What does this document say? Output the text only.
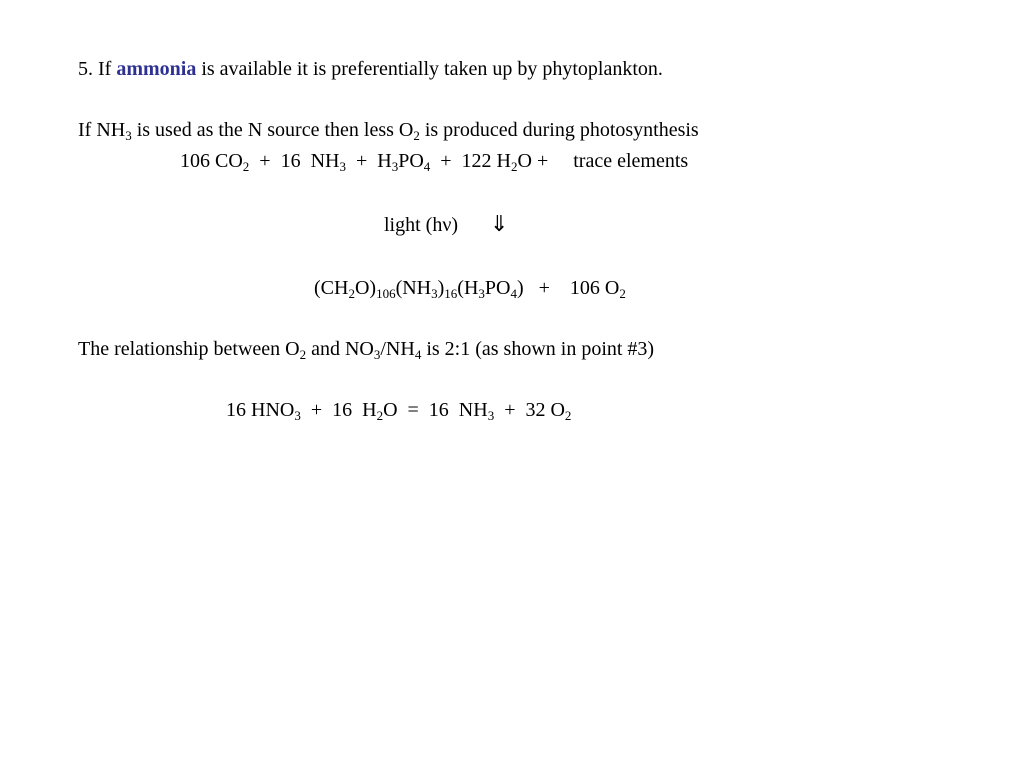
5. If ammonia is available it is preferentially taken up by phytoplankton.
If $NH_3$ is used as the N source then less $O_2$ is produced during photosynthesis
106 $CO_2 + 16$  $NH_3 + H_3PO_4 + 122$ $H_2O$ +     trace elements
light (hν) ⇓
$(CH_2O)_{106}(NH_3)_{16}(H_3PO_4)$   +    106 $O_2$
The relationship between $O_2$ and $NO_3/NH_4$ is 2:1 (as shown in point #3)
16 $HNO_3 + 16$  $H_2O = 16$  $NH_3 + 32$ $O_2$
